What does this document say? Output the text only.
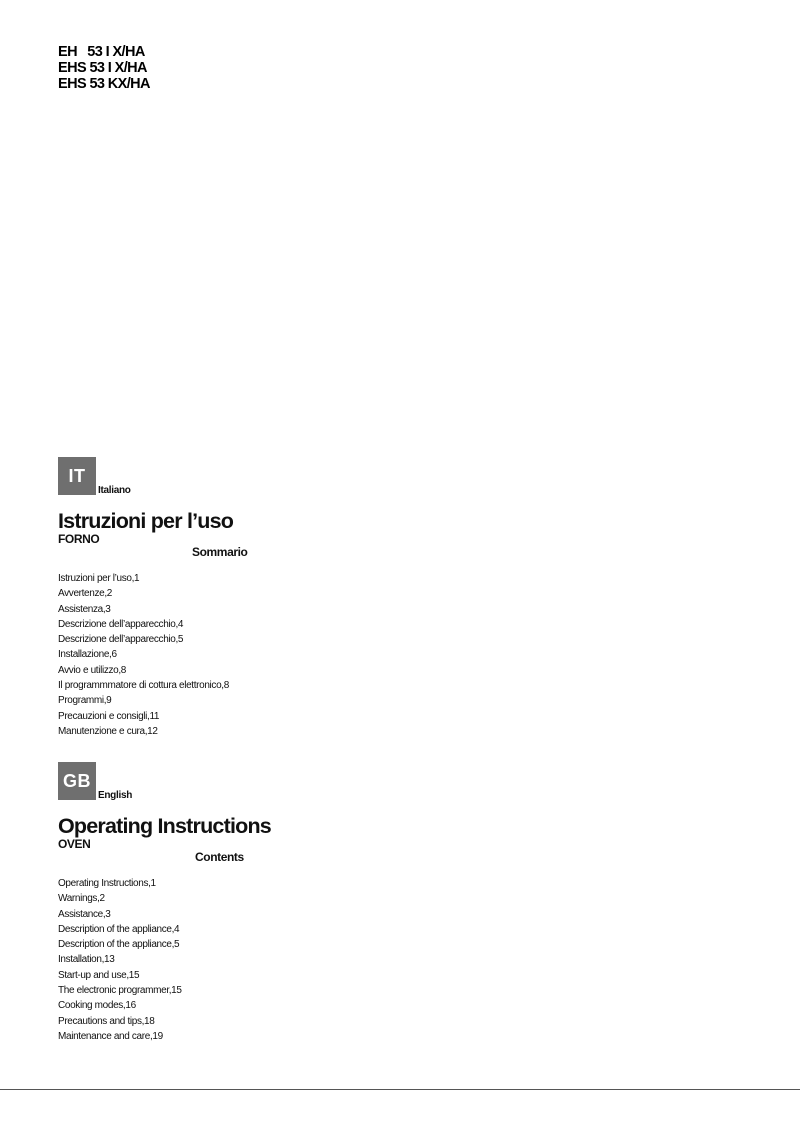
EH   53 I X/HA
EHS 53 I X/HA
EHS 53 KX/HA
IT
Italiano
Istruzioni per l’uso
FORNO
Sommario
Istruzioni per l’uso,1
Avvertenze,2
Assistenza,3
Descrizione dell’apparecchio,4
Descrizione dell’apparecchio,5
Installazione,6
Avvio e utilizzo,8
Il programmmatore di cottura elettronico,8
Programmi,9
Precauzioni e consigli,11
Manutenzione e cura,12
GB
English
Operating Instructions
OVEN
Contents
Operating Instructions,1
Warnings,2
Assistance,3
Description of the appliance,4
Description of the appliance,5
Installation,13
Start-up and use,15
The electronic programmer,15
Cooking modes,16
Precautions and tips,18
Maintenance and care,19
